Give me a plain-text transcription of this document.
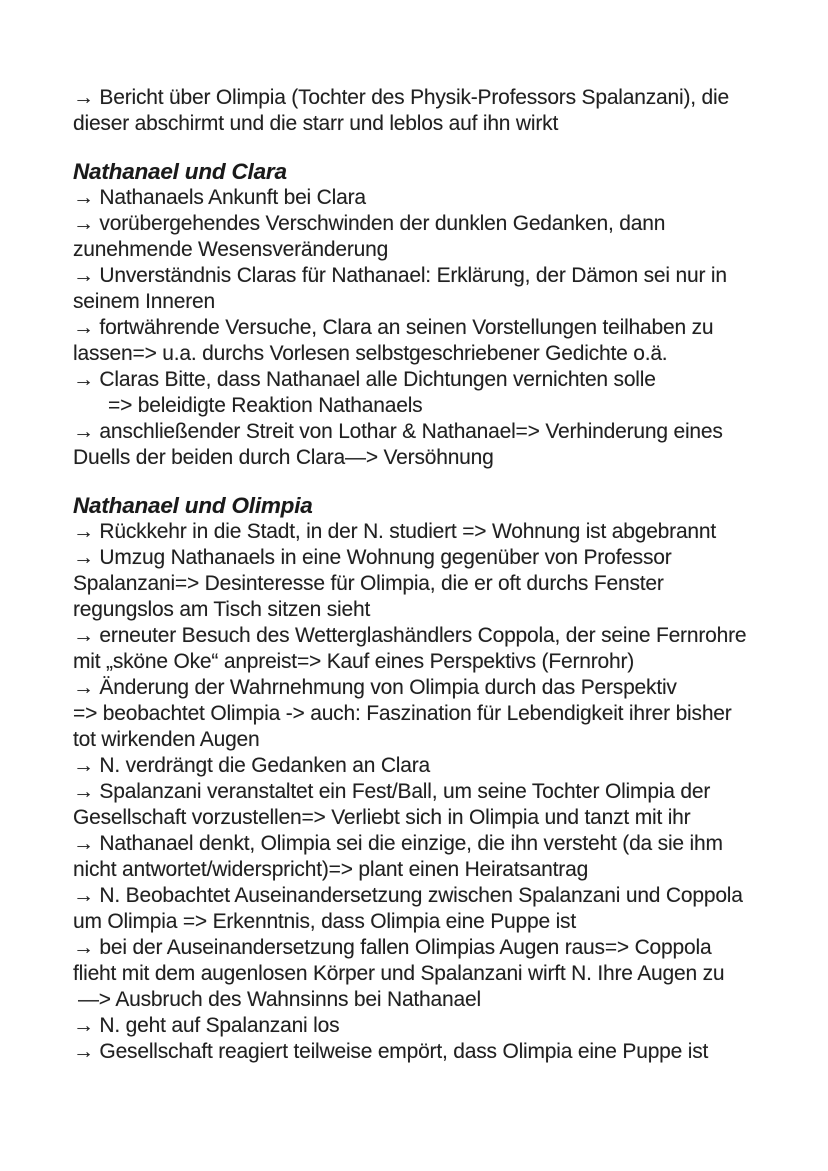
→ Bericht über Olimpia (Tochter des Physik-Professors Spalanzani), die
dieser abschirmt und die starr und leblos auf ihn wirkt
Nathanael und Clara
→ Nathanaels Ankunft bei Clara
→ vorübergehendes Verschwinden der dunklen Gedanken, dann
zunehmende Wesensveränderung
→ Unverständnis Claras für Nathanael: Erklärung, der Dämon sei nur in
seinem Inneren
→ fortwährende Versuche, Clara an seinen Vorstellungen teilhaben zu
lassen=> u.a. durchs Vorlesen selbstgeschriebener Gedichte o.ä.
→ Claras Bitte, dass Nathanael alle Dichtungen vernichten solle
=> beleidigte Reaktion Nathanaels
→ anschließender Streit von Lothar & Nathanael=> Verhinderung eines
Duells der beiden durch Clara—> Versöhnung
Nathanael und Olimpia
→ Rückkehr in die Stadt, in der N. studiert => Wohnung ist abgebrannt
→ Umzug Nathanaels in eine Wohnung gegenüber von Professor
Spalanzani=> Desinteresse für Olimpia, die er oft durchs Fenster
regungslos am Tisch sitzen sieht
→ erneuter Besuch des Wetterglashändlers Coppola, der seine Fernrohre
mit „sköne Oke“ anpreist=> Kauf eines Perspektivs (Fernrohr)
→ Änderung der Wahrnehmung von Olimpia durch das Perspektiv
=> beobachtet Olimpia -> auch: Faszination für Lebendigkeit ihrer bisher
tot wirkenden Augen
→ N. verdrängt die Gedanken an Clara
→ Spalanzani veranstaltet ein Fest/Ball, um seine Tochter Olimpia der
Gesellschaft vorzustellen=> Verliebt sich in Olimpia und tanzt mit ihr
→ Nathanael denkt, Olimpia sei die einzige, die ihn versteht (da sie ihm
nicht antwortet/widerspricht)=> plant einen Heiratsantrag
→ N. Beobachtet Auseinandersetzung zwischen Spalanzani und Coppola
um Olimpia => Erkenntnis, dass Olimpia eine Puppe ist
→ bei der Auseinandersetzung fallen Olimpias Augen raus=> Coppola
flieht mit dem augenlosen Körper und Spalanzani wirft N. Ihre Augen zu
—> Ausbruch des Wahnsinns bei Nathanael
→ N. geht auf Spalanzani los
→ Gesellschaft reagiert teilweise empört, dass Olimpia eine Puppe ist
